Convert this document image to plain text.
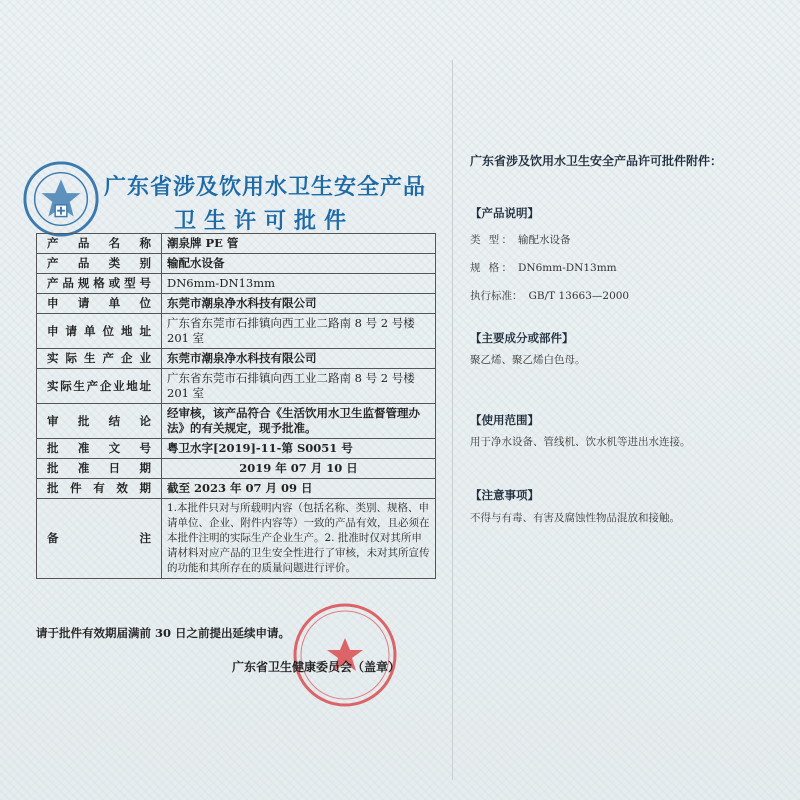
广东省涉及饮用水卫生安全产品
卫生许可批件
产品名称	潮泉牌 PE 管
产品类别	输配水设备
产品规格或型号	DN6mm-DN13mm
申请单位	东莞市潮泉净水科技有限公司
申请单位地址	广东省东莞市石排镇向西工业二路南 8 号 2 号楼 201 室
实际生产企业	东莞市潮泉净水科技有限公司
实际生产企业地址	广东省东莞市石排镇向西工业二路南 8 号 2 号楼 201 室
审批结论	经审核，该产品符合《生活饮用水卫生监督管理办法》的有关规定，现予批准。
批准文号	粤卫水字[2019]-11-第 S0051 号
批准日期	2019 年 07 月 10 日
批件有效期	截至 2023 年 07 月 09 日
备注	1.本批件只对与所载明内容（包括名称、类别、规格、申请单位、企业、附件内容等）一致的产品有效，且必须在本批件注明的实际生产企业生产。2. 批准时仅对其所申请材料对应产品的卫生安全性进行了审核，未对其所宣传的功能和其所存在的质量问题进行评价。
请于批件有效期届满前 30 日之前提出延续申请。
广东省卫生健康委员会（盖章）
广东省涉及饮用水卫生安全产品许可批件附件：
【产品说明】
类 型： 输配水设备
规 格： DN6mm-DN13mm
执行标准： GB/T 13663—2000
【主要成分或部件】
聚乙烯、聚乙烯白色母。
【使用范围】
用于净水设备、管线机、饮水机等进出水连接。
【注意事项】
不得与有毒、有害及腐蚀性物品混放和接触。
